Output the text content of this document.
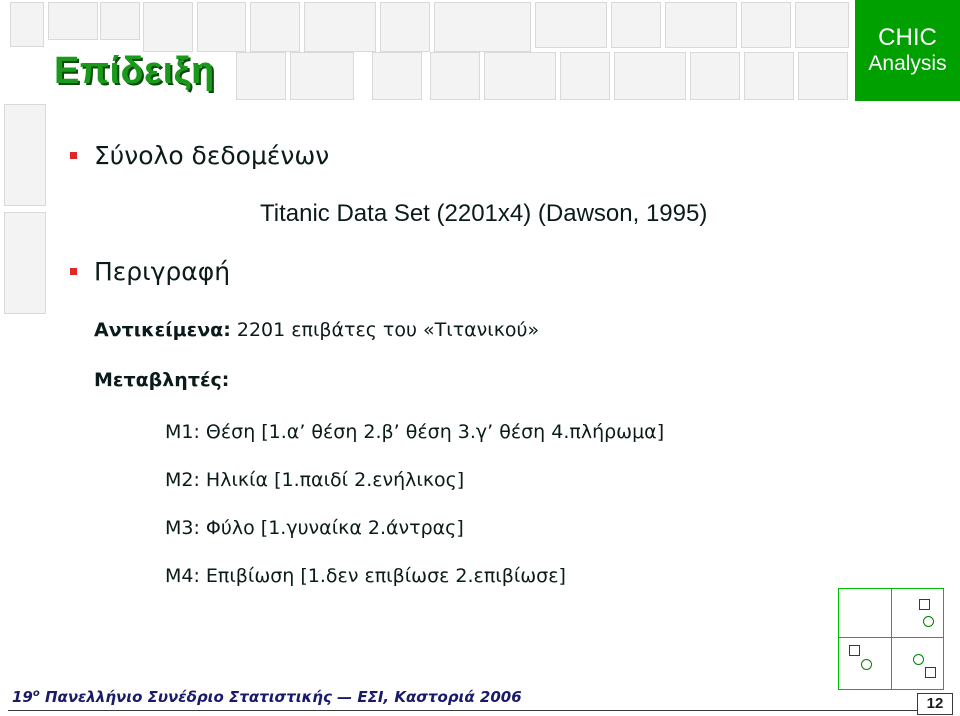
Επίδειξη
CHIC
Analysis
Σύνολο δεδομένων
Titanic Data Set (2201x4) (Dawson, 1995)
Περιγραφή
Αντικείμενα: 2201 επιβάτες του «Τιτανικού»
Μεταβλητές:
Μ1: Θέση [1.α’ θέση 2.β’ θέση 3.γ’ θέση 4.πλήρωμα]
Μ2: Ηλικία [1.παιδί 2.ενήλικος]
Μ3: Φύλο [1.γυναίκα 2.άντρας]
Μ4: Επιβίωση [1.δεν επιβίωσε 2.επιβίωσε]
$19^o$ Πανελλήνιο Συνέδριο Στατιστικής — ΕΣΙ, Καστοριά 2006	12
